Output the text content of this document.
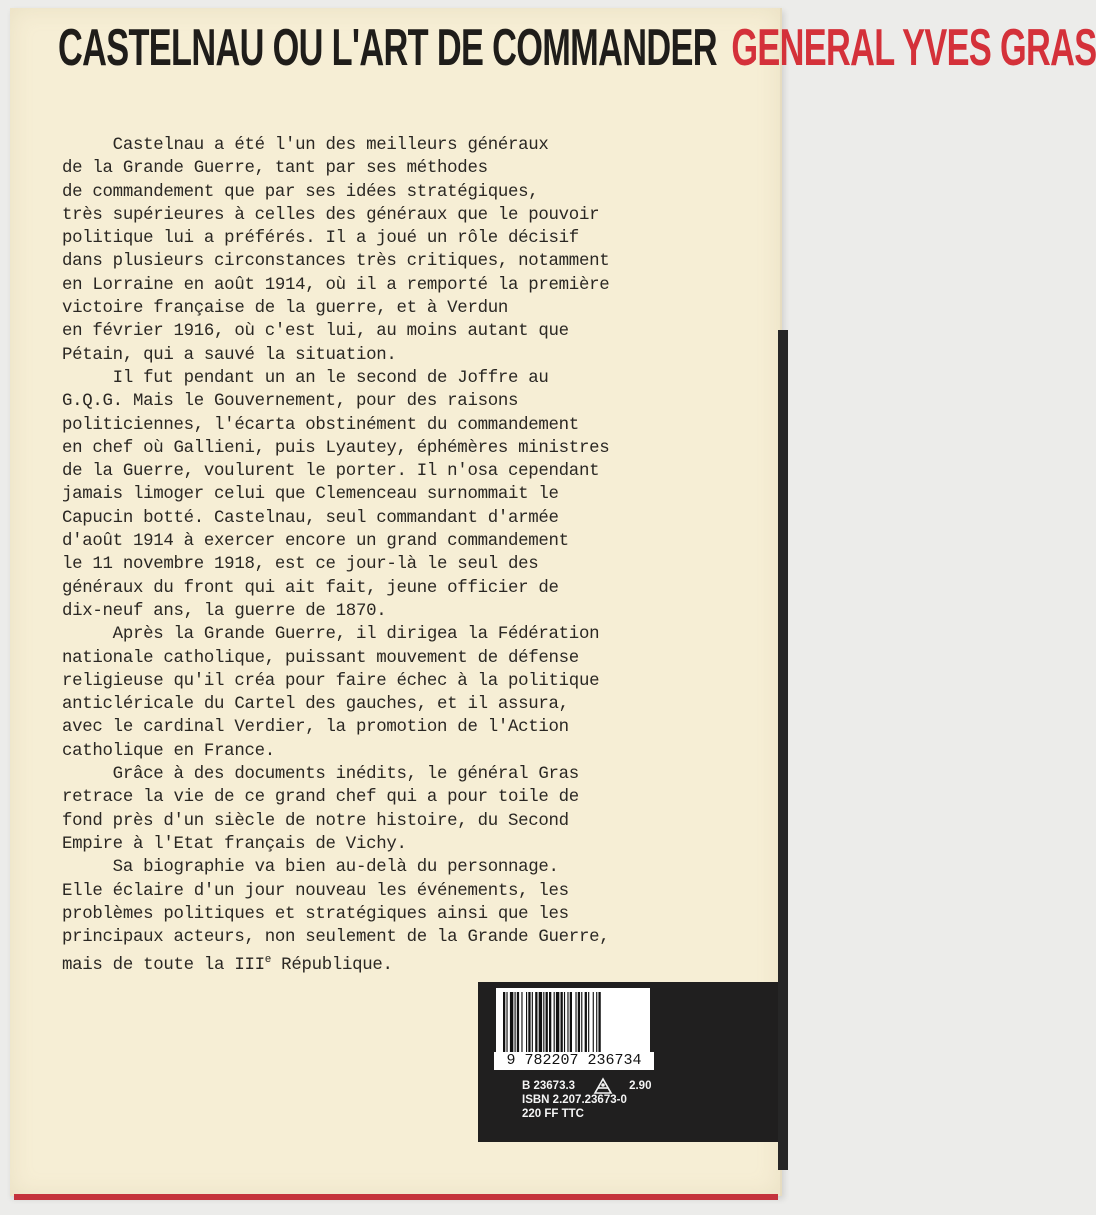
CASTELNAU OU L'ART DE COMMANDER GENERAL YVES GRAS
Castelnau a été l'un des meilleurs généraux
de la Grande Guerre, tant par ses méthodes
de commandement que par ses idées stratégiques,
très supérieures à celles des généraux que le pouvoir
politique lui a préférés. Il a joué un rôle décisif
dans plusieurs circonstances très critiques, notamment
en Lorraine en août 1914, où il a remporté la première
victoire française de la guerre, et à Verdun
en février 1916, où c'est lui, au moins autant que
Pétain, qui a sauvé la situation.
Il fut pendant un an le second de Joffre au
G.Q.G. Mais le Gouvernement, pour des raisons
politiciennes, l'écarta obstinément du commandement
en chef où Gallieni, puis Lyautey, éphémères ministres
de la Guerre, voulurent le porter. Il n'osa cependant
jamais limoger celui que Clemenceau surnommait le
Capucin botté. Castelnau, seul commandant d'armée
d'août 1914 à exercer encore un grand commandement
le 11 novembre 1918, est ce jour-là le seul des
généraux du front qui ait fait, jeune officier de
dix-neuf ans, la guerre de 1870.
Après la Grande Guerre, il dirigea la Fédération
nationale catholique, puissant mouvement de défense
religieuse qu'il créa pour faire échec à la politique
anticléricale du Cartel des gauches, et il assura,
avec le cardinal Verdier, la promotion de l'Action
catholique en France.
Grâce à des documents inédits, le général Gras
retrace la vie de ce grand chef qui a pour toile de
fond près d'un siècle de notre histoire, du Second
Empire à l'Etat français de Vichy.
Sa biographie va bien au-delà du personnage.
Elle éclaire d'un jour nouveau les événements, les
problèmes politiques et stratégiques ainsi que les
principaux acteurs, non seulement de la Grande Guerre,
mais de toute la IIIe République.
9 782207 236734
B 23673.3	2.90
ISBN 2.207.23673-0
220 FF TTC
